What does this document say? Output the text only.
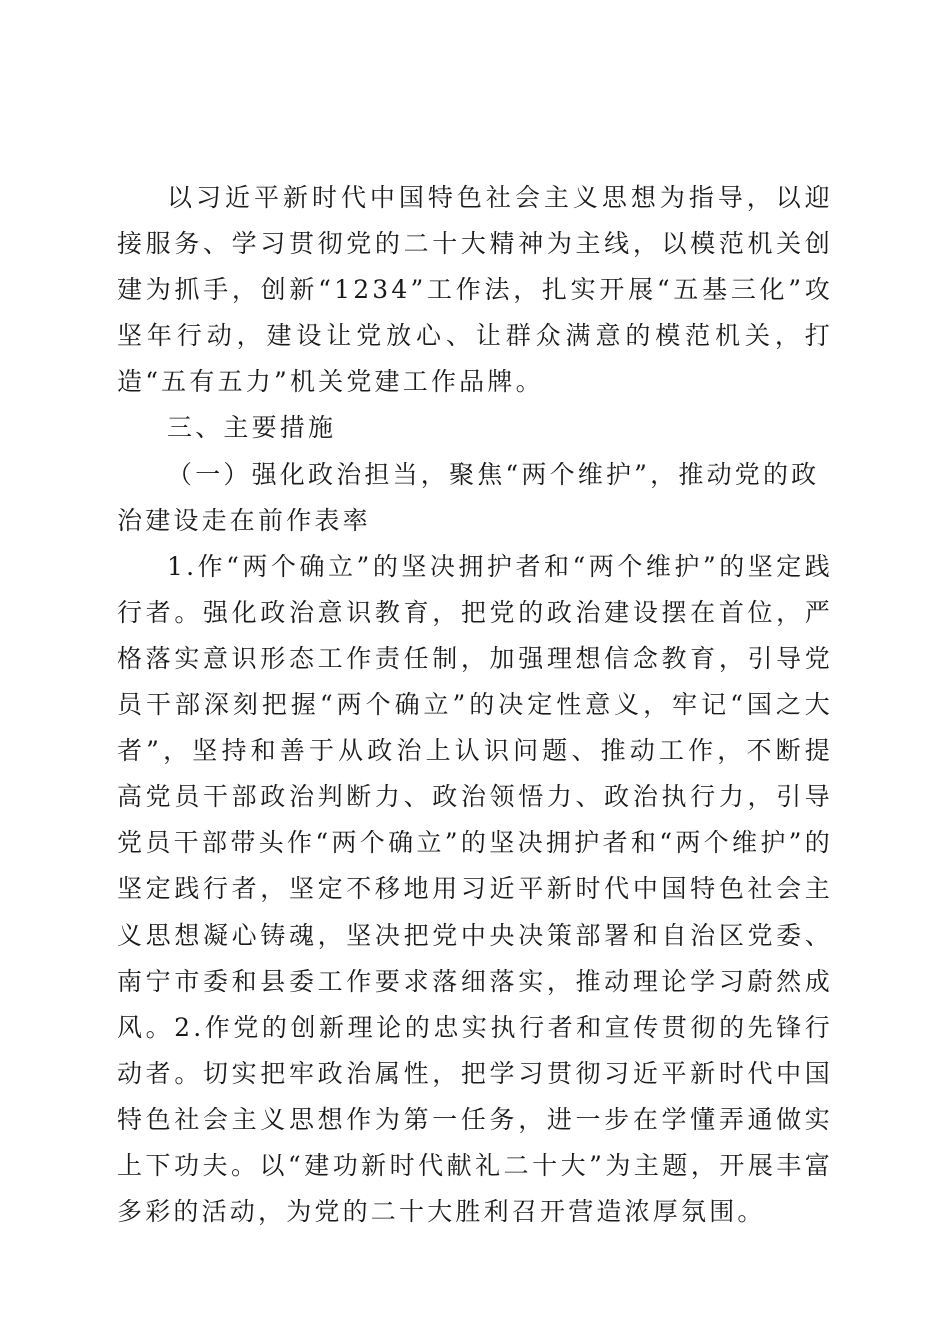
以习近平新时代中国特色社会主义思想为指导，以迎接服务、学习贯彻党的二十大精神为主线，以模范机关创建为抓手，创新“1234”工作法，扎实开展“五基三化”攻坚年行动，建设让党放心、让群众满意的模范机关，打造“五有五力”机关党建工作品牌。

三、主要措施

（一）强化政治担当，聚焦“两个维护”，推动党的政治建设走在前作表率

1.作“两个确立”的坚决拥护者和“两个维护”的坚定践行者。强化政治意识教育，把党的政治建设摆在首位，严格落实意识形态工作责任制，加强理想信念教育，引导党员干部深刻把握“两个确立”的决定性意义，牢记“国之大者”，坚持和善于从政治上认识问题、推动工作，不断提高党员干部政治判断力、政治领悟力、政治执行力，引导党员干部带头作“两个确立”的坚决拥护者和“两个维护”的坚定践行者，坚定不移地用习近平新时代中国特色社会主义思想凝心铸魂，坚决把党中央决策部署和自治区党委、南宁市委和县委工作要求落细落实，推动理论学习蔚然成风。2.作党的创新理论的忠实执行者和宣传贯彻的先锋行动者。切实把牢政治属性，把学习贯彻习近平新时代中国特色社会主义思想作为第一任务，进一步在学懂弄通做实上下功夫。以“建功新时代献礼二十大”为主题，开展丰富多彩的活动，为党的二十大胜利召开营造浓厚氛围。
